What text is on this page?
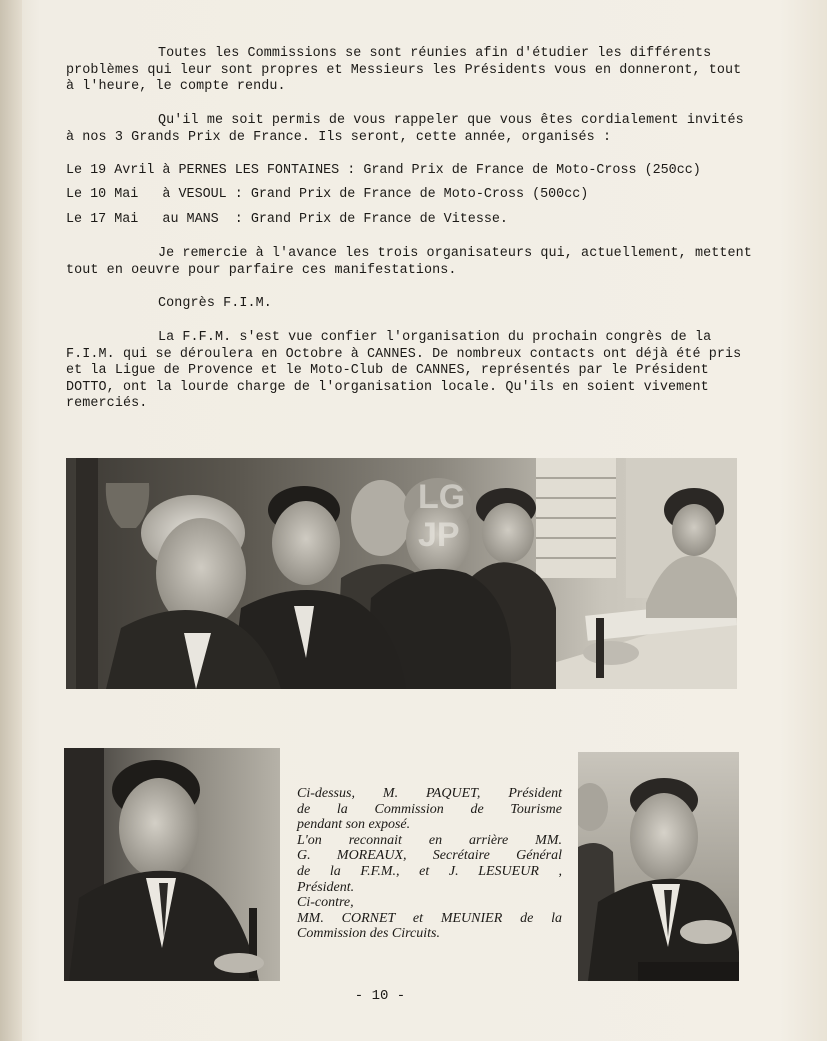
Toutes les Commissions se sont réunies afin d'étudier les différents problèmes qui leur sont propres et Messieurs les Présidents vous en donneront, tout à l'heure, le compte rendu.

Qu'il me soit permis de vous rappeler que vous êtes cordialement invités à nos 3 Grands Prix de France. Ils seront, cette année, organisés :

Le 19 Avril à PERNES LES FONTAINES : Grand Prix de France de Moto-Cross (250cc)
Le 10 Mai   à VESOUL : Grand Prix de France de Moto-Cross (500cc)
Le 17 Mai   au MANS  : Grand Prix de France de Vitesse.

Je remercie à l'avance les trois organisateurs qui, actuellement, mettent tout en oeuvre pour parfaire ces manifestations.

Congrès F.I.M.

La F.F.M. s'est vue confier l'organisation du prochain congrès de la F.I.M. qui se déroulera en Octobre à CANNES. De nombreux contacts ont déjà été pris et la Ligue de Provence et le Moto-Club de CANNES, représentés par le Président DOTTO, ont la lourde charge de l'organisation locale. Qu'ils en soient vivement remerciés.

LG
JP
Ci-dessus, M. PAQUET, Président
de la Commission de Tourisme
pendant son exposé.
L'on reconnait en arrière MM.
G. MOREAUX, Secrétaire Général
de la F.F.M., et J. LESUEUR ,
Président.
Ci-contre,
MM. CORNET et MEUNIER de la
Commission des Circuits.
- 10 -
